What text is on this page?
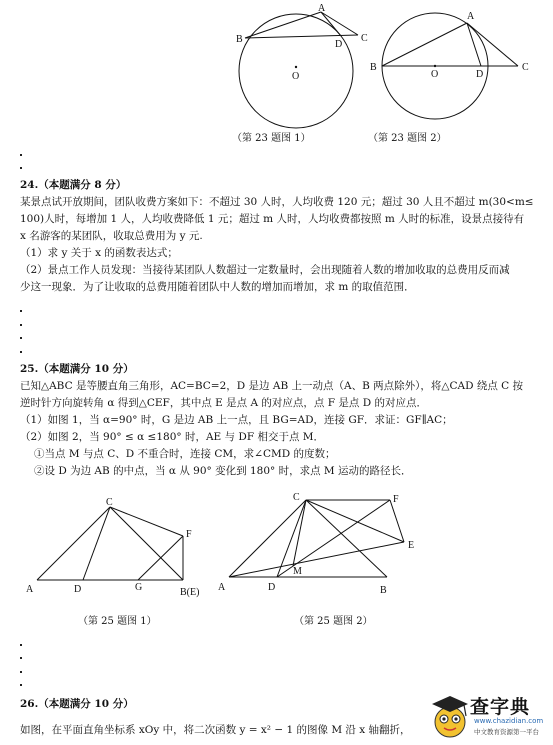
A
B	C
D
O
A
B	C
D
O
C
F
A	D	G	B(E)
C	F
E
M
A	D	B
（第 23 题图 1）	（第 23 题图 2）
（第 25 题图 1）	（第 25 题图 2）
24.（本题满分 8 分）
某景点试开放期间，团队收费方案如下：不超过 30 人时，人均收费 120 元；超过 30 人且不超过 m(30<m≤
100)人时，每增加 1 人，人均收费降低 1 元；超过 m 人时，人均收费都按照 m 人时的标准，设景点接待有
x 名游客的某团队，收取总费用为 y 元.
（1）求 y 关于 x 的函数表达式；
（2）景点工作人员发现：当接待某团队人数超过一定数量时，会出现随着人数的增加收取的总费用反而减
少这一现象．为了让收取的总费用随着团队中人数的增加而增加，求 m 的取值范围．
25.（本题满分 10 分）
已知△ABC 是等腰直角三角形，AC=BC=2，D 是边 AB 上一动点（A、B 两点除外），将△CAD 绕点 C 按
逆时针方向旋转角 α 得到△CEF，其中点 E 是点 A 的对应点，点 F 是点 D 的对应点．
（1）如图 1，当 α=90° 时，G 是边 AB 上一点，且 BG=AD，连接 GF．求证：GF∥AC；
（2）如图 2，当 90° ≤ α ≤180° 时，AE 与 DF 相交于点 M．
①当点 M 与点 C、D 不重合时，连接 CM，求∠CMD 的度数；
②设 D 为边 AB 的中点，当 α 从 90° 变化到 180° 时，求点 M 运动的路径长．
26.（本题满分 10 分）
如图，在平面直角坐标系 xOy 中，将二次函数 y = x² − 1 的图像 M 沿 x 轴翻折，
查字典
www.chazidian.com
中文教育资源第一平台
